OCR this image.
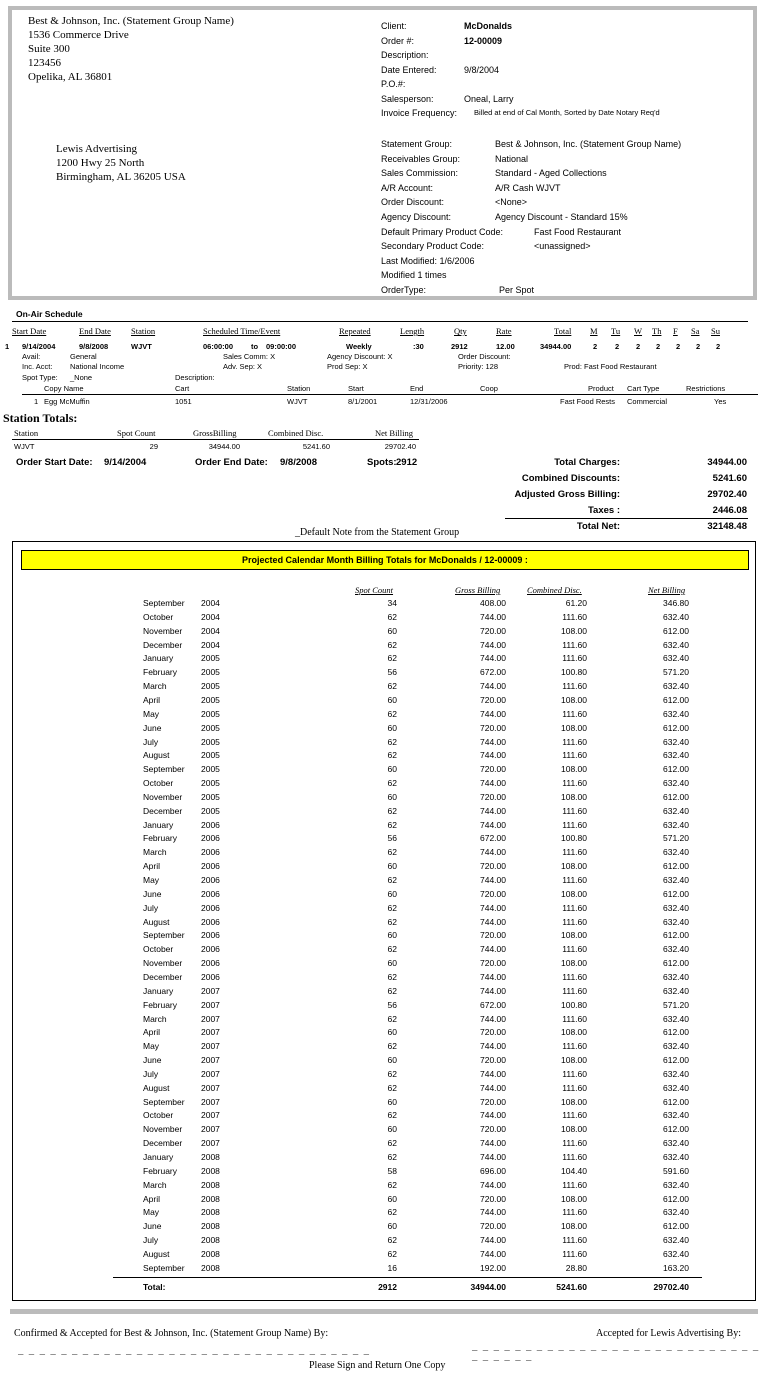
Best & Johnson, Inc. (Statement Group Name)
1536 Commerce Drive
Suite 300
123456
Opelika, AL 36801
Lewis Advertising
1200 Hwy 25 North
Birmingham, AL 36205 USA
Client:	McDonalds
Order #:	12-00009
Description:
Date Entered:	9/8/2004
P.O.#:
Salesperson:	Oneal, Larry
Invoice Frequency: Billed at end of Cal Month, Sorted by Date Notary Req'd
Statement Group:	Best & Johnson, Inc. (Statement Group Name)
Receivables Group:	National
Sales Commission:	Standard - Aged Collections
A/R Account:	A/R Cash WJVT
Order Discount:	<None>
Agency Discount:	Agency Discount - Standard 15%
Default Primary Product Code:	Fast Food Restaurant
Secondary Product Code:	<unassigned>
Last Modified: 1/6/2006
Modified 1 times
OrderType:	Per Spot
On-Air Schedule
Start Date	End Date Station	Scheduled Time/Event	Repeated	Length	Qty	Rate	Total M Tu W Th F Sa Su
1 9/14/2004	9/8/2008	WJVT	06:00:00 to 09:00:00	Weekly	:30	2912	12.00	34944.00	2 2 2 2 2 2 2
Avail:	General	Sales Comm: X	Agency Discount: X	Order Discount:
Inc. Acct: National Income	Adv. Sep: X	Prod Sep: X	Priority: 128	Prod: Fast Food Restaurant
Spot Type: _None	Description:
Copy Name	Cart	Station	Start	End	Coop	Product Cart Type	Restrictions
1 Egg McMuffin	1051	WJVT	8/1/2001	12/31/2006	Fast Food Rests Commercial	Yes
Station Totals:
Station	Spot Count	GrossBilling	Combined Disc.	Net Billing
WJVT	29	34944.00	5241.60	29702.40
Order Start Date: 9/14/2004	Order End Date: 9/8/2008	Spots: 2912	Total Charges:	34944.00
Combined Discounts:	5241.60
Adjusted Gross Billing:	29702.40
Taxes :	2446.08
Total Net:	32148.48
_Default Note from the Statement Group
Projected Calendar Month Billing Totals for McDonalds / 12-00009 :
Spot Count	Gross Billing	Combined Disc.	Net Billing
September	2004	34	408.00	61.20	346.80
October	2004	62	744.00	111.60	632.40
November	2004	60	720.00	108.00	612.00
December	2004	62	744.00	111.60	632.40
January	2005	62	744.00	111.60	632.40
February	2005	56	672.00	100.80	571.20
March	2005	62	744.00	111.60	632.40
April	2005	60	720.00	108.00	612.00
May	2005	62	744.00	111.60	632.40
June	2005	60	720.00	108.00	612.00
July	2005	62	744.00	111.60	632.40
August	2005	62	744.00	111.60	632.40
September	2005	60	720.00	108.00	612.00
October	2005	62	744.00	111.60	632.40
November	2005	60	720.00	108.00	612.00
December	2005	62	744.00	111.60	632.40
January	2006	62	744.00	111.60	632.40
February	2006	56	672.00	100.80	571.20
March	2006	62	744.00	111.60	632.40
April	2006	60	720.00	108.00	612.00
May	2006	62	744.00	111.60	632.40
June	2006	60	720.00	108.00	612.00
July	2006	62	744.00	111.60	632.40
August	2006	62	744.00	111.60	632.40
September	2006	60	720.00	108.00	612.00
October	2006	62	744.00	111.60	632.40
November	2006	60	720.00	108.00	612.00
December	2006	62	744.00	111.60	632.40
January	2007	62	744.00	111.60	632.40
February	2007	56	672.00	100.80	571.20
March	2007	62	744.00	111.60	632.40
April	2007	60	720.00	108.00	612.00
May	2007	62	744.00	111.60	632.40
June	2007	60	720.00	108.00	612.00
July	2007	62	744.00	111.60	632.40
August	2007	62	744.00	111.60	632.40
September	2007	60	720.00	108.00	612.00
October	2007	62	744.00	111.60	632.40
November	2007	60	720.00	108.00	612.00
December	2007	62	744.00	111.60	632.40
January	2008	62	744.00	111.60	632.40
February	2008	58	696.00	104.40	591.60
March	2008	62	744.00	111.60	632.40
April	2008	60	720.00	108.00	612.00
May	2008	62	744.00	111.60	632.40
June	2008	60	720.00	108.00	612.00
July	2008	62	744.00	111.60	632.40
August	2008	62	744.00	111.60	632.40
September	2008	16	192.00	28.80	163.20
Total:	2912	34944.00	5241.60	29702.40
Confirmed & Accepted for Best & Johnson, Inc. (Statement Group Name) By:	Accepted for Lewis Advertising By:
_ _ _ _ _ _ _ _ _ _ _ _ _ _ _ _ _ _ _ _ _ _ _ _ _ _ _ _ _ _ _ _ _	_ _ _ _ _ _ _ _ _ _ _ _ _ _ _ _ _ _ _ _ _ _ _ _ _ _ _ _ _ _ _ _ _
Please Sign and Return One Copy
